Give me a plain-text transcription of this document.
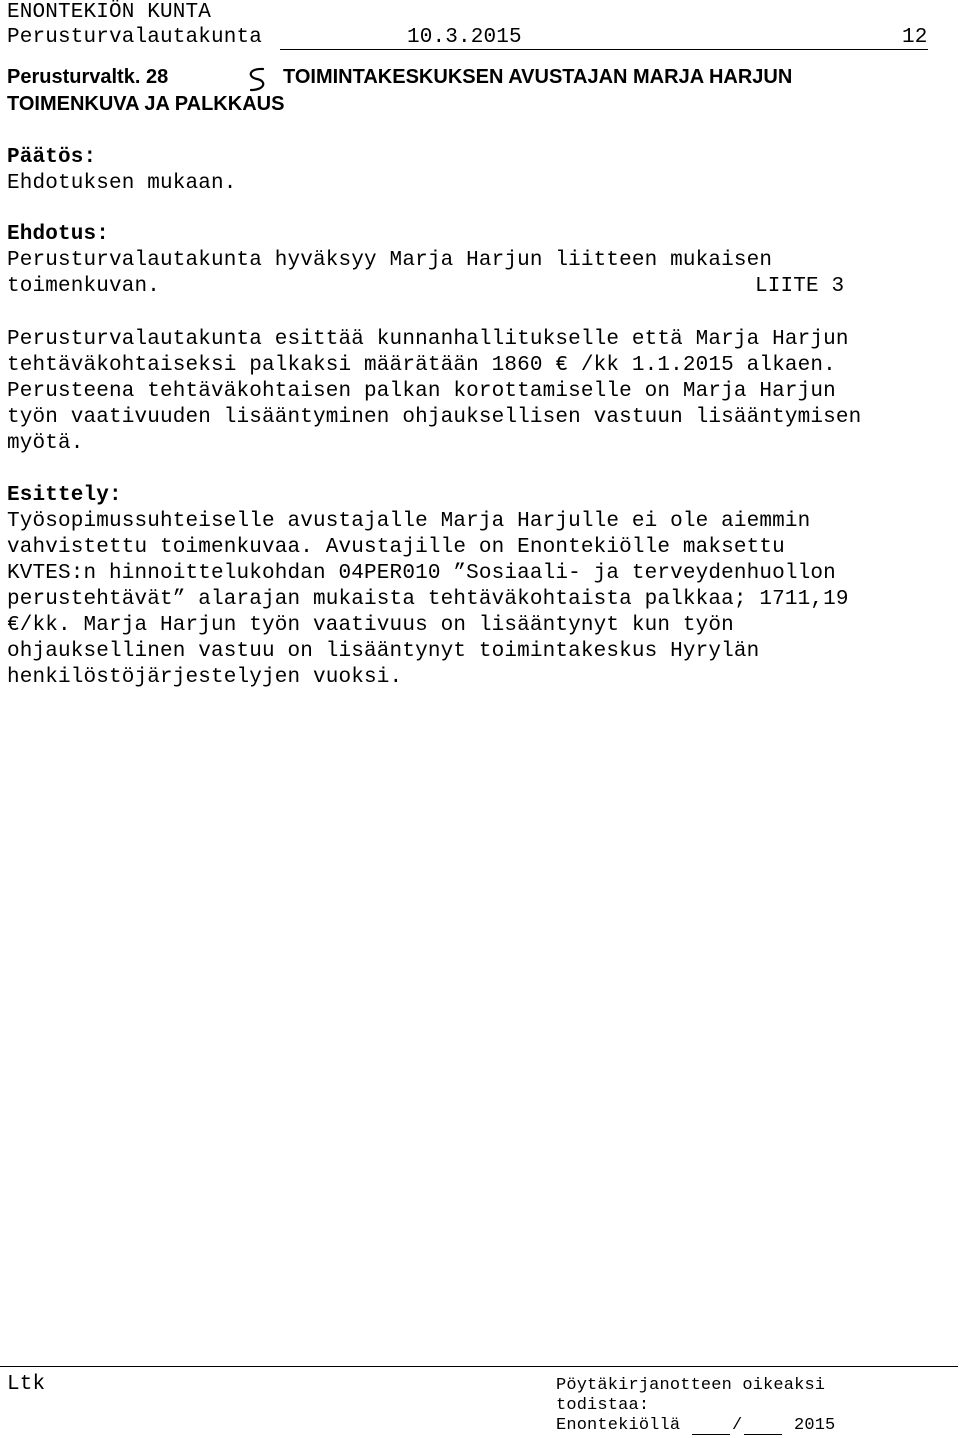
ENONTEKIÖN KUNTA
Perusturvalautakunta	10.3.2015	12
Perusturvaltk. 28	TOIMINTAKESKUKSEN AVUSTAJAN MARJA HARJUN
TOIMENKUVA JA PALKKAUS
Päätös:
Ehdotuksen mukaan.
Ehdotus:
Perusturvalautakunta hyväksyy Marja Harjun liitteen mukaisen
toimenkuvan.	LIITE 3
Perusturvalautakunta esittää kunnanhallitukselle että Marja Harjun
tehtäväkohtaiseksi palkaksi määrätään 1860 € /kk 1.1.2015 alkaen.
Perusteena tehtäväkohtaisen palkan korottamiselle on Marja Harjun
työn vaativuuden lisääntyminen ohjauksellisen vastuun lisääntymisen
myötä.
Esittely:
Työsopimussuhteiselle avustajalle Marja Harjulle ei ole aiemmin
vahvistettu toimenkuvaa. Avustajille on Enontekiölle maksettu
KVTES:n hinnoittelukohdan 04PER010 ”Sosiaali- ja terveydenhuollon
perustehtävät” alarajan mukaista tehtäväkohtaista palkkaa; 1711,19
€/kk. Marja Harjun työn vaativuus on lisääntynyt kun työn
ohjauksellinen vastuu on lisääntynyt toimintakeskus Hyrylän
henkilöstöjärjestelyjen vuoksi.
Ltk	Pöytäkirjanotteen oikeaksi
todistaa:
Enontekiöllä	/	2015
